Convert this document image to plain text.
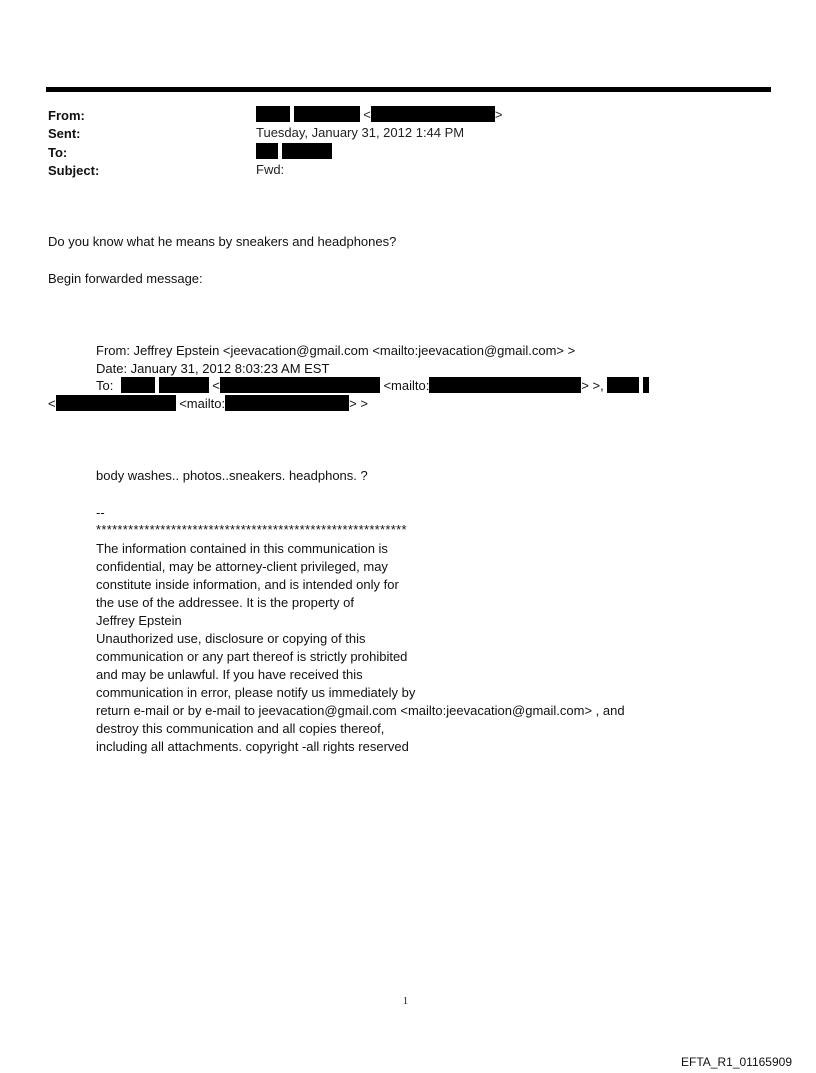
From:	<	>
Sent:	Tuesday, January 31, 2012 1:44 PM
To:

Subject:	Fwd:
Do you know what he means by sneakers and headphones?
Begin forwarded message:
From: Jeffrey Epstein <jeevacation@gmail.com <mailto:jeevacation@gmail.com> >
Date: January 31, 2012 8:03:23 AM EST
To:	<	<mailto:	> >,
<	<mailto:	> >
body washes.. photos..sneakers. headphons. ?
--
**********************************************************
The information contained in this communication is
confidential, may be attorney-client privileged, may
constitute inside information, and is intended only for
the use of the addressee. It is the property of
Jeffrey Epstein
Unauthorized use, disclosure or copying of this
communication or any part thereof is strictly prohibited
and may be unlawful. If you have received this
communication in error, please notify us immediately by
return e-mail or by e-mail to jeevacation@gmail.com <mailto:jeevacation@gmail.com> , and
destroy this communication and all copies thereof,
including all attachments. copyright -all rights reserved
1
EFTA_R1_01165909
